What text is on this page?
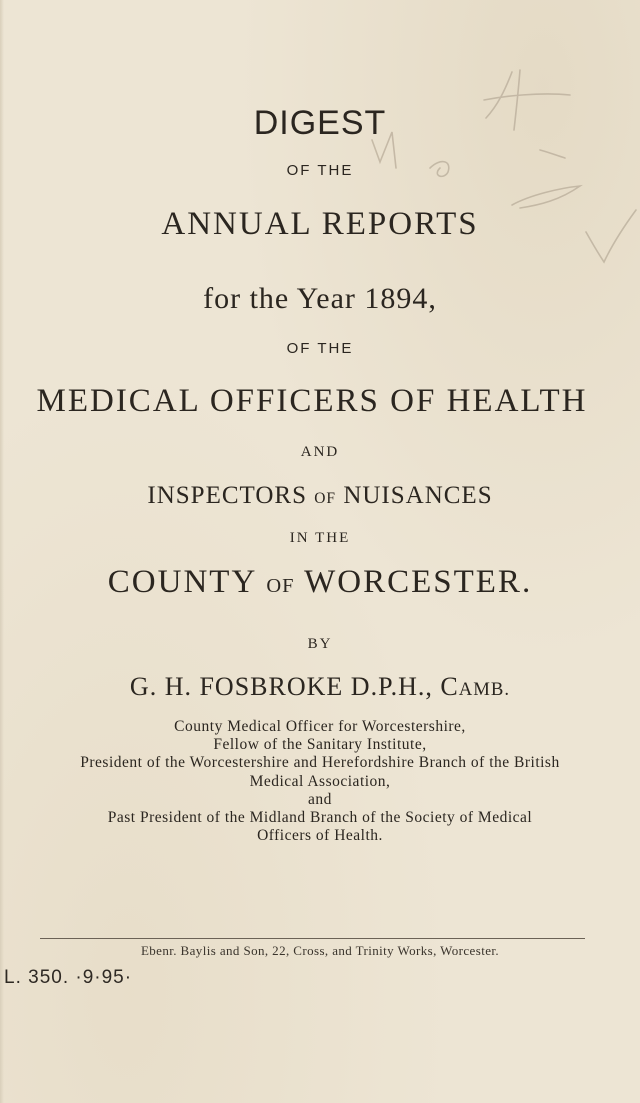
DIGEST
OF THE
ANNUAL REPORTS
for the Year 1894,
OF THE
MEDICAL OFFICERS OF HEALTH
AND
INSPECTORS OF NUISANCES
IN THE
COUNTY OF WORCESTER.
BY
G. H. FOSBROKE D.P.H., CAMB.
County Medical Officer for Worcestershire,
Fellow of the Sanitary Institute,
President of the Worcestershire and Herefordshire Branch of the British
Medical Association,
and
Past President of the Midland Branch of the Society of Medical
Officers of Health.
Ebenr. Baylis and Son, 22, Cross, and Trinity Works, Worcester.
L. 350. ·9·95·
